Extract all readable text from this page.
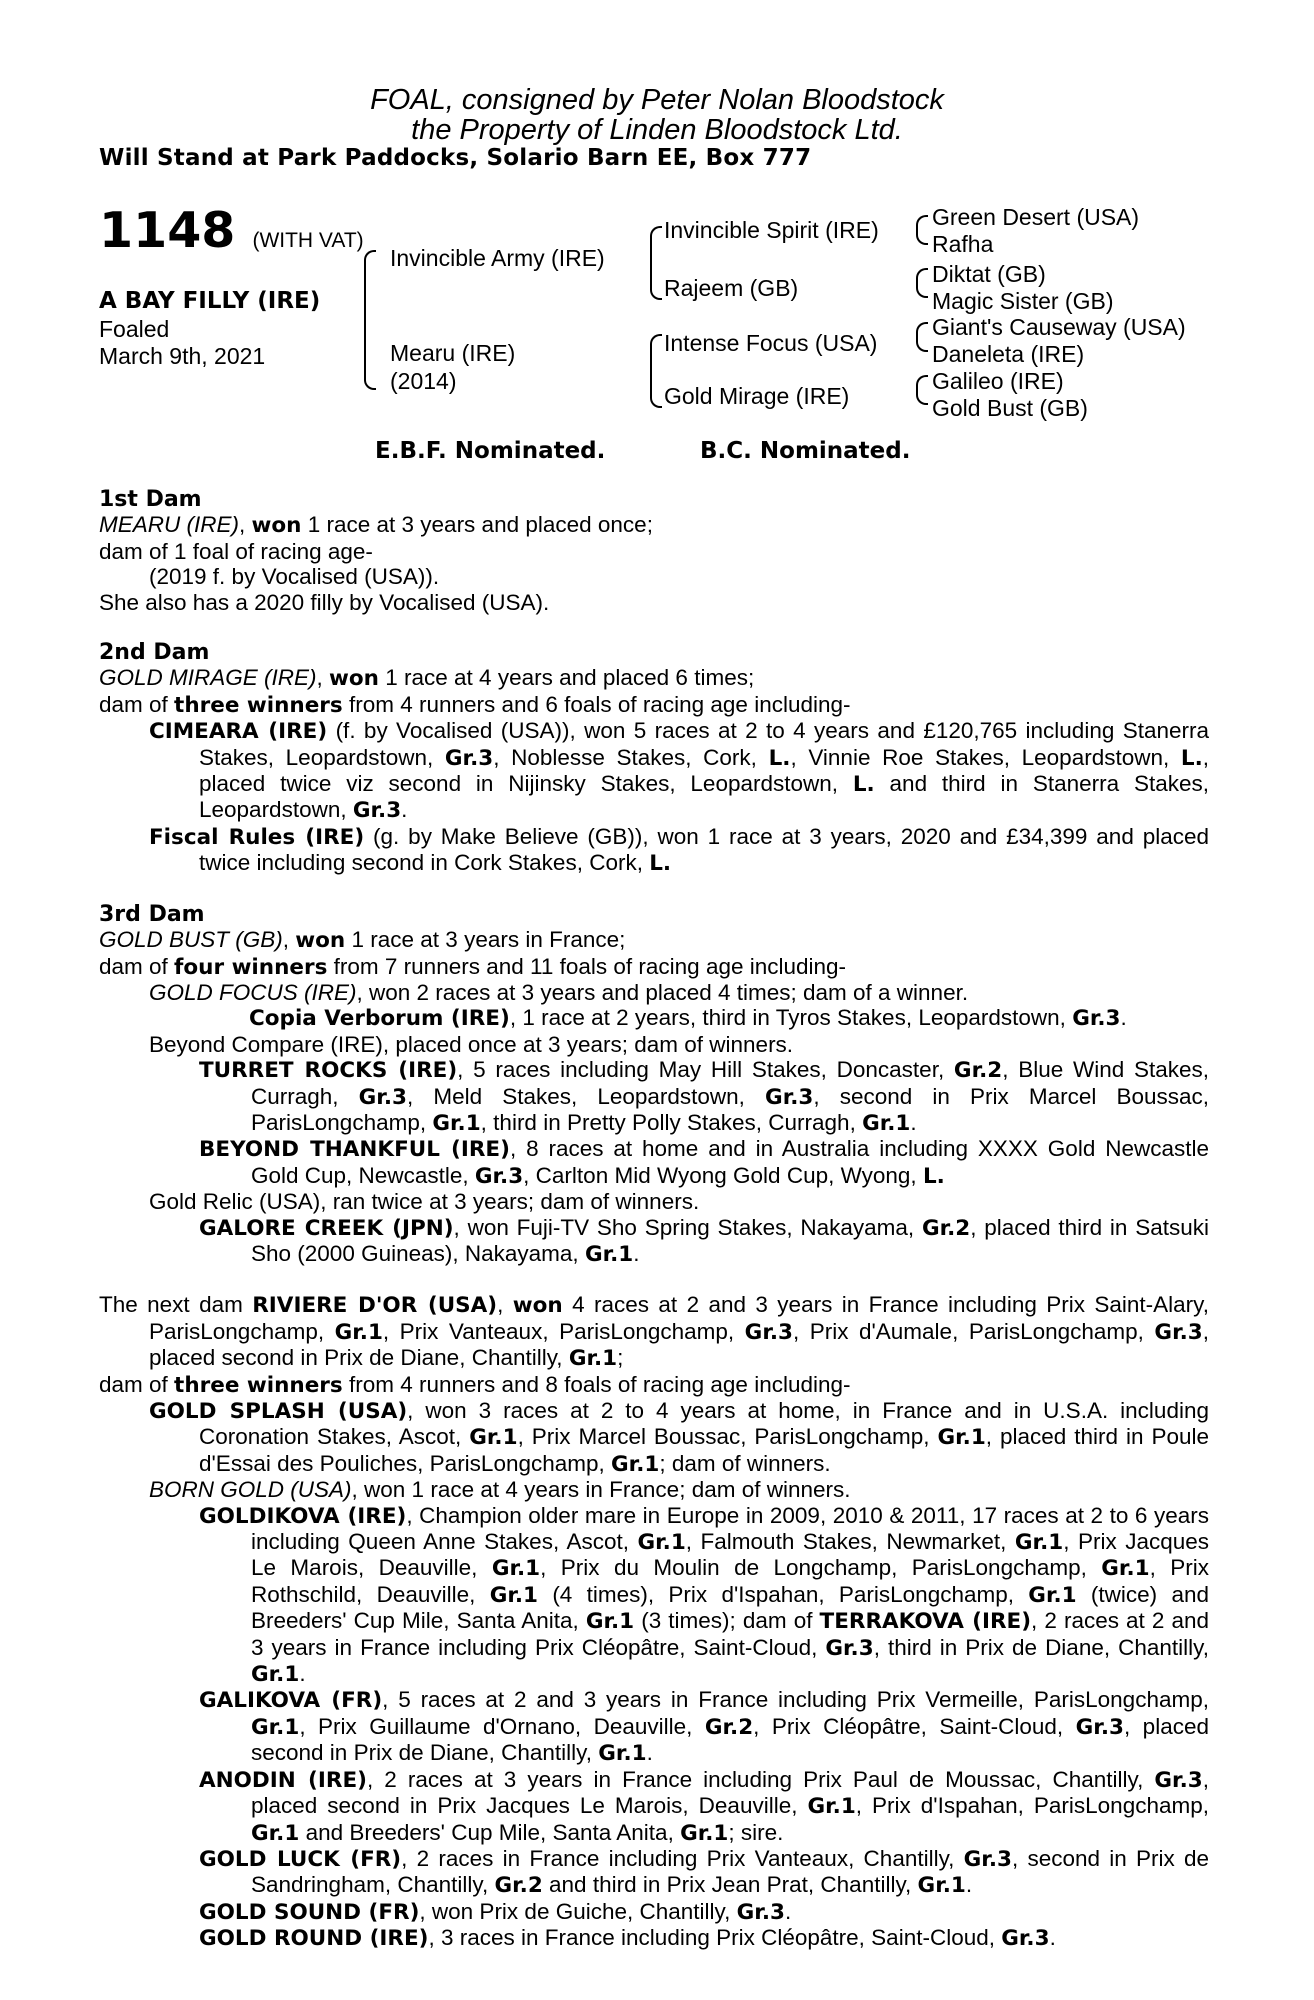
FOAL, consigned by Peter Nolan Bloodstock
the Property of Linden Bloodstock Ltd.
Will Stand at Park Paddocks, Solario Barn EE, Box 777
1148 (WITH VAT)
A BAY FILLY (IRE)
Foaled
March 9th, 2021
Invincible Army (IRE)
Mearu (IRE)
(2014)
Invincible Spirit (IRE)
Rajeem (GB)
Intense Focus (USA)
Gold Mirage (IRE)
Green Desert (USA)
Rafha
Diktat (GB)
Magic Sister (GB)
Giant's Causeway (USA)
Daneleta (IRE)
Galileo (IRE)
Gold Bust (GB)
E.B.F. Nominated.	B.C. Nominated.
1st Dam
MEARU (IRE), won 1 race at 3 years and placed once;
dam of 1 foal of racing age-
(2019 f. by Vocalised (USA)).
She also has a 2020 filly by Vocalised (USA).
2nd Dam
GOLD MIRAGE (IRE), won 1 race at 4 years and placed 6 times;
dam of three winners from 4 runners and 6 foals of racing age including-
CIMEARA (IRE) (f. by Vocalised (USA)), won 5 races at 2 to 4 years and £120,765 including Stanerra Stakes, Leopardstown, Gr.3, Noblesse Stakes, Cork, L., Vinnie Roe Stakes, Leopardstown, L., placed twice viz second in Nijinsky Stakes, Leopardstown, L. and third in Stanerra Stakes, Leopardstown, Gr.3.
Fiscal Rules (IRE) (g. by Make Believe (GB)), won 1 race at 3 years, 2020 and £34,399 and placed twice including second in Cork Stakes, Cork, L.
3rd Dam
GOLD BUST (GB), won 1 race at 3 years in France;
dam of four winners from 7 runners and 11 foals of racing age including-
GOLD FOCUS (IRE), won 2 races at 3 years and placed 4 times; dam of a winner.
Copia Verborum (IRE), 1 race at 2 years, third in Tyros Stakes, Leopardstown, Gr.3.
Beyond Compare (IRE), placed once at 3 years; dam of winners.
TURRET ROCKS (IRE), 5 races including May Hill Stakes, Doncaster, Gr.2, Blue Wind Stakes, Curragh, Gr.3, Meld Stakes, Leopardstown, Gr.3, second in Prix Marcel Boussac, ParisLongchamp, Gr.1, third in Pretty Polly Stakes, Curragh, Gr.1.
BEYOND THANKFUL (IRE), 8 races at home and in Australia including XXXX Gold Newcastle Gold Cup, Newcastle, Gr.3, Carlton Mid Wyong Gold Cup, Wyong, L.
Gold Relic (USA), ran twice at 3 years; dam of winners.
GALORE CREEK (JPN), won Fuji-TV Sho Spring Stakes, Nakayama, Gr.2, placed third in Satsuki Sho (2000 Guineas), Nakayama, Gr.1.
The next dam RIVIERE D'OR (USA), won 4 races at 2 and 3 years in France including Prix Saint-Alary, ParisLongchamp, Gr.1, Prix Vanteaux, ParisLongchamp, Gr.3, Prix d'Aumale, ParisLongchamp, Gr.3, placed second in Prix de Diane, Chantilly, Gr.1;
dam of three winners from 4 runners and 8 foals of racing age including-
GOLD SPLASH (USA), won 3 races at 2 to 4 years at home, in France and in U.S.A. including Coronation Stakes, Ascot, Gr.1, Prix Marcel Boussac, ParisLongchamp, Gr.1, placed third in Poule d'Essai des Pouliches, ParisLongchamp, Gr.1; dam of winners.
BORN GOLD (USA), won 1 race at 4 years in France; dam of winners.
GOLDIKOVA (IRE), Champion older mare in Europe in 2009, 2010 & 2011, 17 races at 2 to 6 years including Queen Anne Stakes, Ascot, Gr.1, Falmouth Stakes, Newmarket, Gr.1, Prix Jacques Le Marois, Deauville, Gr.1, Prix du Moulin de Longchamp, ParisLongchamp, Gr.1, Prix Rothschild, Deauville, Gr.1 (4 times), Prix d'Ispahan, ParisLongchamp, Gr.1 (twice) and Breeders' Cup Mile, Santa Anita, Gr.1 (3 times); dam of TERRAKOVA (IRE), 2 races at 2 and 3 years in France including Prix Cléopâtre, Saint-Cloud, Gr.3, third in Prix de Diane, Chantilly, Gr.1.
GALIKOVA (FR), 5 races at 2 and 3 years in France including Prix Vermeille, ParisLongchamp, Gr.1, Prix Guillaume d'Ornano, Deauville, Gr.2, Prix Cléopâtre, Saint-Cloud, Gr.3, placed second in Prix de Diane, Chantilly, Gr.1.
ANODIN (IRE), 2 races at 3 years in France including Prix Paul de Moussac, Chantilly, Gr.3, placed second in Prix Jacques Le Marois, Deauville, Gr.1, Prix d'Ispahan, ParisLongchamp, Gr.1 and Breeders' Cup Mile, Santa Anita, Gr.1; sire.
GOLD LUCK (FR), 2 races in France including Prix Vanteaux, Chantilly, Gr.3, second in Prix de Sandringham, Chantilly, Gr.2 and third in Prix Jean Prat, Chantilly, Gr.1.
GOLD SOUND (FR), won Prix de Guiche, Chantilly, Gr.3.
GOLD ROUND (IRE), 3 races in France including Prix Cléopâtre, Saint-Cloud, Gr.3.
